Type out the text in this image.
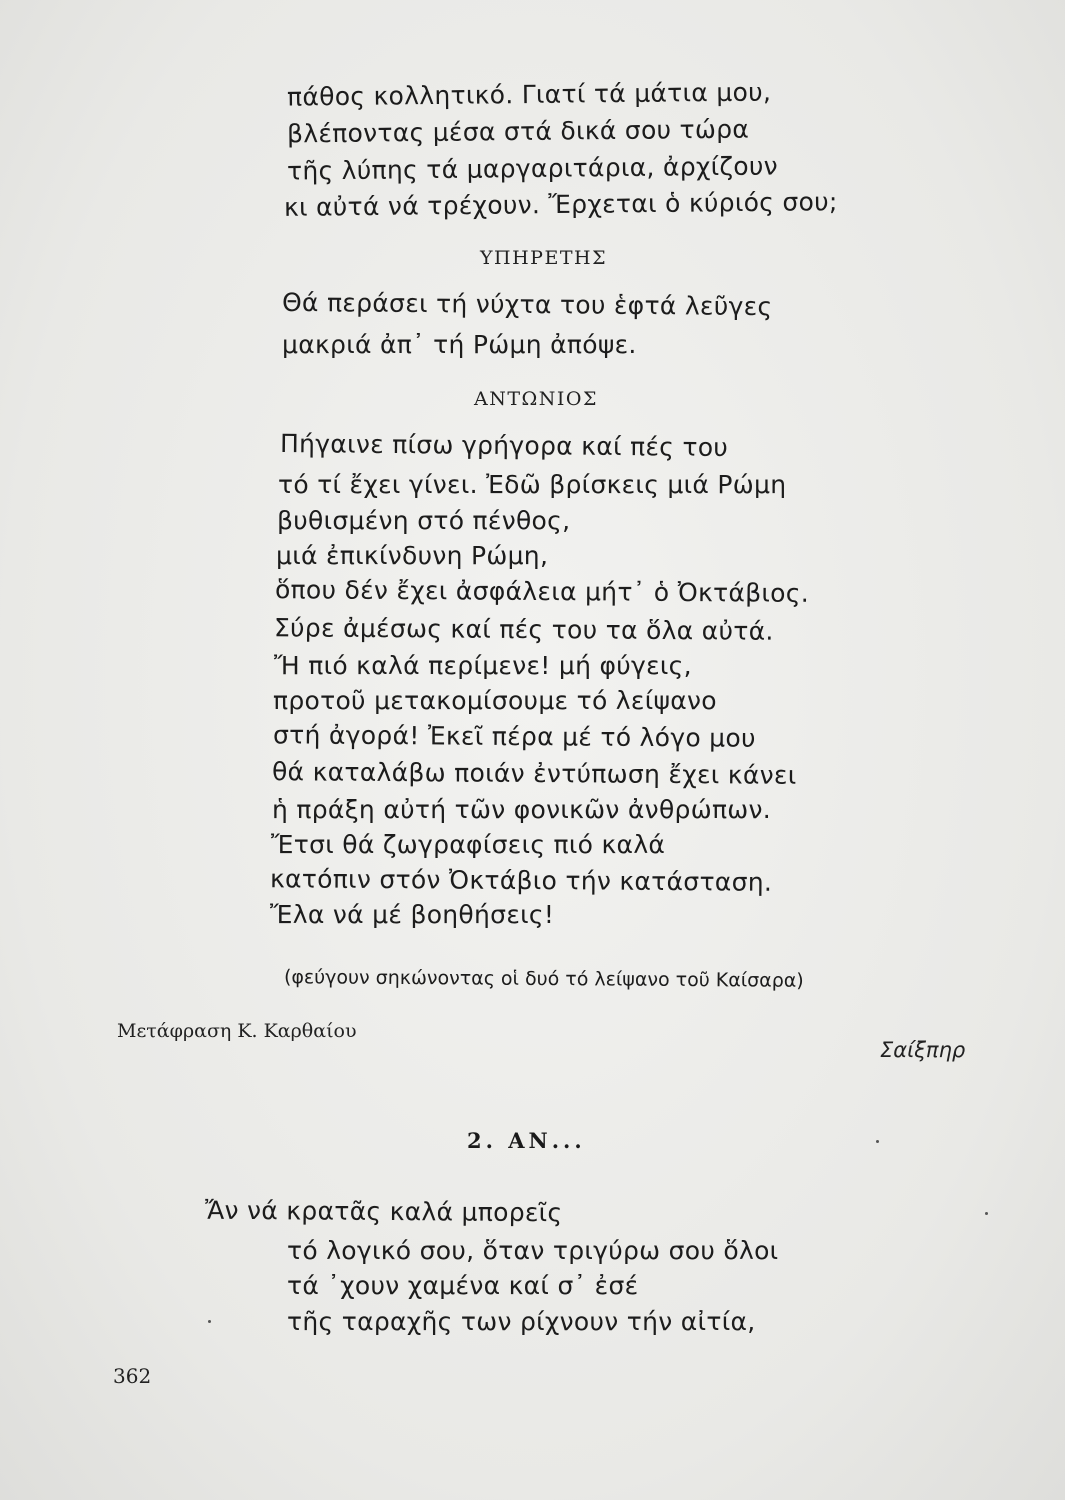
πάθος κολλητικό. Γιατί τά μάτια μου,
βλέποντας μέσα στά δικά σου τώρα
τῆς λύπης τά μαργαριτάρια, ἀρχίζουν
κι αὐτά νά τρέχουν. Ἔρχεται ὁ κύριός σου;
ΥΠΗΡΕΤΗΣ
Θά περάσει τή νύχτα του ἑφτά λεῦγες
μακριά ἀπ᾽ τή Ρώμη ἀπόψε.
ΑΝΤΩΝΙΟΣ
Πήγαινε πίσω γρήγορα καί πές του
τό τί ἔχει γίνει. Ἐδῶ βρίσκεις μιά Ρώμη
βυθισμένη στό πένθος,
μιά ἐπικίνδυνη Ρώμη,
ὅπου δέν ἔχει ἀσφάλεια μήτ᾽ ὁ Ὀκτάβιος.
Σύρε ἀμέσως καί πές του τα ὅλα αὐτά.
Ἤ πιό καλά περίμενε! μή φύγεις,
προτοῦ μετακομίσουμε τό λείψανο
στή ἀγορά! Ἐκεῖ πέρα μέ τό λόγο μου
θά καταλάβω ποιάν ἐντύπωση ἔχει κάνει
ἡ πράξη αὐτή τῶν φονικῶν ἀνθρώπων.
Ἔτσι θά ζωγραφίσεις πιό καλά
κατόπιν στόν Ὀκτάβιο τήν κατάσταση.
Ἔλα νά μέ βοηθήσεις!
(φεύγουν σηκώνοντας οἱ δυό τό λείψανο τοῦ Καίσαρα)
Μετάφραση Κ. Καρθαίου
Σαίξπηρ
2. ΑΝ...
Ἄν νά κρατᾶς καλά μπορεῖς
τό λογικό σου, ὅταν τριγύρω σου ὅλοι
τά ᾽χουν χαμένα καί σ᾽ ἐσέ
τῆς ταραχῆς των ρίχνουν τήν αἰτία,
362
